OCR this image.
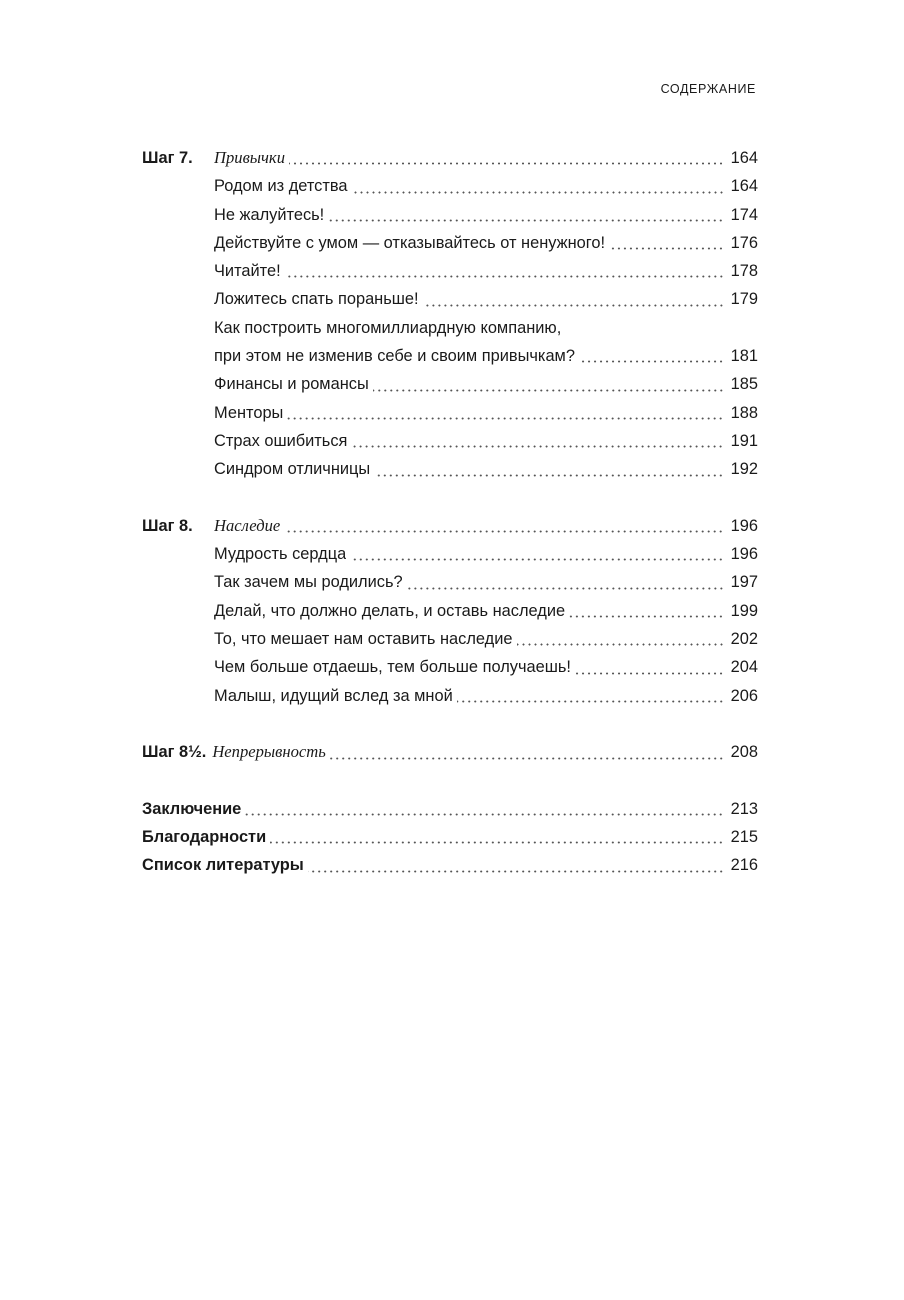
СОДЕРЖАНИЕ
Шаг 7.	Привычки	164
Родом из детства	164
Не жалуйтесь!	174
Действуйте с умом — отказывайтесь от ненужного!	176
Читайте!	178
Ложитесь спать пораньше!	179
Как построить многомиллиардную компанию,
при этом не изменив себе и своим привычкам?	181
Финансы и романсы	185
Менторы	188
Страх ошибиться	191
Синдром отличницы	192
Шаг 8.	Наследие	196
Мудрость сердца	196
Так зачем мы родились?	197
Делай, что должно делать, и оставь наследие	199
То, что мешает нам оставить наследие	202
Чем больше отдаешь, тем больше получаешь!	204
Малыш, идущий вслед за мной	206
Шаг 8½. Непрерывность	208
Заключение	213
Благодарности	215
Список литературы	216
